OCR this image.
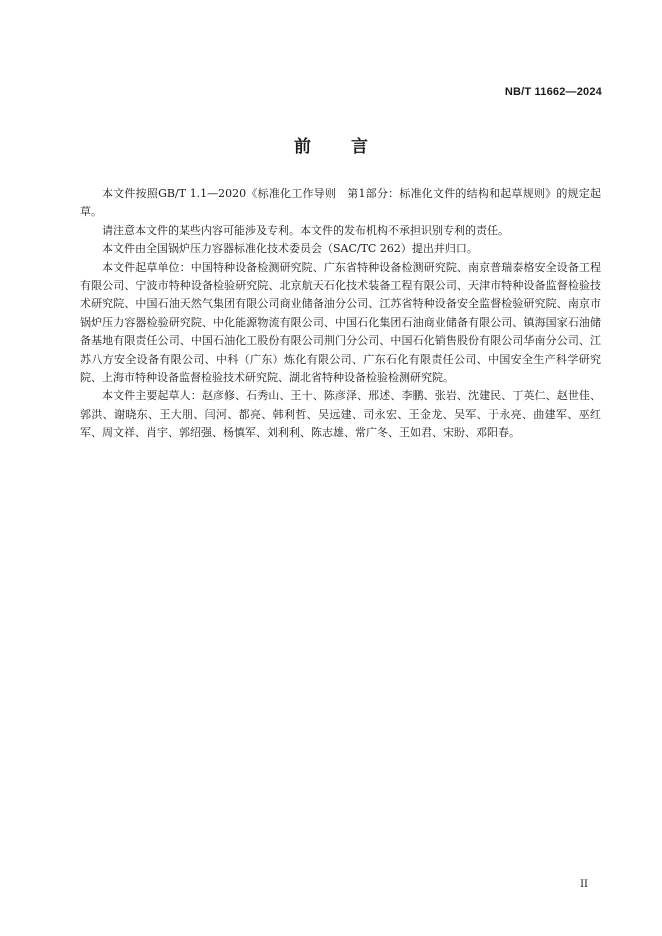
NB/T 11662—2024
前 言

本文件按照GB/T 1.1—2020《标准化工作导则　第1部分：标准化文件的结构和起草规则》的规定起草。

请注意本文件的某些内容可能涉及专利。本文件的发布机构不承担识别专利的责任。

本文件由全国锅炉压力容器标准化技术委员会（SAC/TC 262）提出并归口。

本文件起草单位：中国特种设备检测研究院、广东省特种设备检测研究院、南京普瑞泰格安全设备工程有限公司、宁波市特种设备检验研究院、北京航天石化技术装备工程有限公司、天津市特种设备监督检验技术研究院、中国石油天然气集团有限公司商业储备油分公司、江苏省特种设备安全监督检验研究院、南京市锅炉压力容器检验研究院、中化能源物流有限公司、中国石化集团石油商业储备有限公司、镇海国家石油储备基地有限责任公司、中国石油化工股份有限公司荆门分公司、中国石化销售股份有限公司华南分公司、江苏八方安全设备有限公司、中科（广东）炼化有限公司、广东石化有限责任公司、中国安全生产科学研究院、上海市特种设备监督检验技术研究院、湖北省特种设备检验检测研究院。

本文件主要起草人：赵彦修、石秀山、王十、陈彦泽、邢述、李鹏、张岩、沈建民、丁英仁、赵世佳、郭洪、谢晓东、王大朋、闫河、都亮、韩利哲、吴远建、司永宏、王金龙、吴军、于永亮、曲建军、巫红军、周文祥、肖宇、郭绍强、杨慎军、刘利利、陈志雄、常广冬、王如君、宋盼、邓阳春。

II
